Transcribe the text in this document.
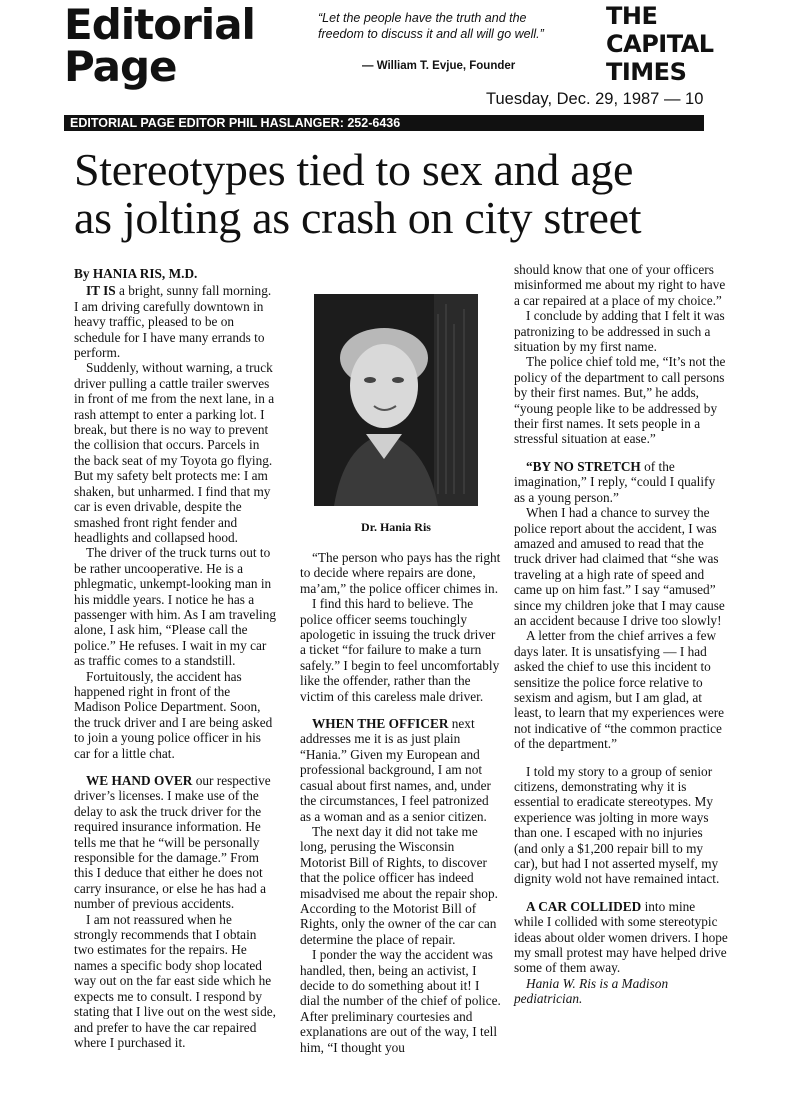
Editorial
Page
“Let the people have the truth and the freedom to discuss it and all will go well.”
— William T. Evjue, Founder
THE
CAPITAL
TIMES
Tuesday, Dec. 29, 1987 — 10
EDITORIAL PAGE EDITOR PHIL HASLANGER: 252-6436
Stereotypes tied to sex and age
as jolting as crash on city street

By HANIA RIS, M.D.

IT IS a bright, sunny fall morning. I am driving carefully downtown in heavy traffic, pleased to be on schedule for I have many errands to perform.

Suddenly, without warning, a truck driver pulling a cattle trailer swerves in front of me from the next lane, in a rash attempt to enter a parking lot. I break, but there is no way to prevent the collision that occurs. Parcels in the back seat of my Toyota go flying. But my safety belt protects me: I am shaken, but unharmed. I find that my car is even drivable, despite the smashed front right fender and headlights and collapsed hood.

The driver of the truck turns out to be rather uncooperative. He is a phlegmatic, unkempt-looking man in his middle years. I notice he has a passenger with him. As I am traveling alone, I ask him, “Please call the police.” He refuses. I wait in my car as traffic comes to a standstill.

Fortuitously, the accident has happened right in front of the Madison Police Department. Soon, the truck driver and I are being asked to join a young police officer in his car for a little chat.

WE HAND OVER our respective driver’s licenses. I make use of the delay to ask the truck driver for the required insurance information. He tells me that he “will be personally responsible for the damage.” From this I deduce that either he does not carry insurance, or else he has had a number of previous accidents.

I am not reassured when he strongly recommends that I obtain two estimates for the repairs. He names a specific body shop located way out on the far east side which he expects me to consult. I respond by stating that I live out on the west side, and prefer to have the car repaired where I purchased it.

Dr. Hania Ris

“The person who pays has the right to decide where repairs are done, ma’am,” the police officer chimes in.

I find this hard to believe. The police officer seems touchingly apologetic in issuing the truck driver a ticket “for failure to make a turn safely.” I begin to feel uncomfortably like the offender, rather than the victim of this careless male driver.

WHEN THE OFFICER next addresses me it is as just plain “Hania.” Given my European and professional background, I am not casual about first names, and, under the circumstances, I feel patronized as a woman and as a senior citizen.

The next day it did not take me long, perusing the Wisconsin Motorist Bill of Rights, to discover that the police officer has indeed misadvised me about the repair shop. According to the Motorist Bill of Rights, only the owner of the car can determine the place of repair.

I ponder the way the accident was handled, then, being an activist, I decide to do something about it! I dial the number of the chief of police. After preliminary courtesies and explanations are out of the way, I tell him, “I thought you

should know that one of your officers misinformed me about my right to have a car repaired at a place of my choice.”

I conclude by adding that I felt it was patronizing to be addressed in such a situation by my first name.

The police chief told me, “It’s not the policy of the department to call persons by their first names. But,” he adds, “young people like to be addressed by their first names. It sets people in a stressful situation at ease.”

“BY NO STRETCH of the imagination,” I reply, “could I qualify as a young person.”

When I had a chance to survey the police report about the accident, I was amazed and amused to read that the truck driver had claimed that “she was traveling at a high rate of speed and came up on him fast.” I say “amused” since my children joke that I may cause an accident because I drive too slowly!

A letter from the chief arrives a few days later. It is unsatisfying — I had asked the chief to use this incident to sensitize the police force relative to sexism and agism, but I am glad, at least, to learn that my experiences were not indicative of “the common practice of the department.”

I told my story to a group of senior citizens, demonstrating why it is essential to eradicate stereotypes. My experience was jolting in more ways than one. I escaped with no injuries (and only a $1,200 repair bill to my car), but had I not asserted myself, my dignity wold not have remained intact.

A CAR COLLIDED into mine while I collided with some stereotypic ideas about older women drivers. I hope my small protest may have helped drive some of them away.

Hania W. Ris is a Madison pediatrician.
